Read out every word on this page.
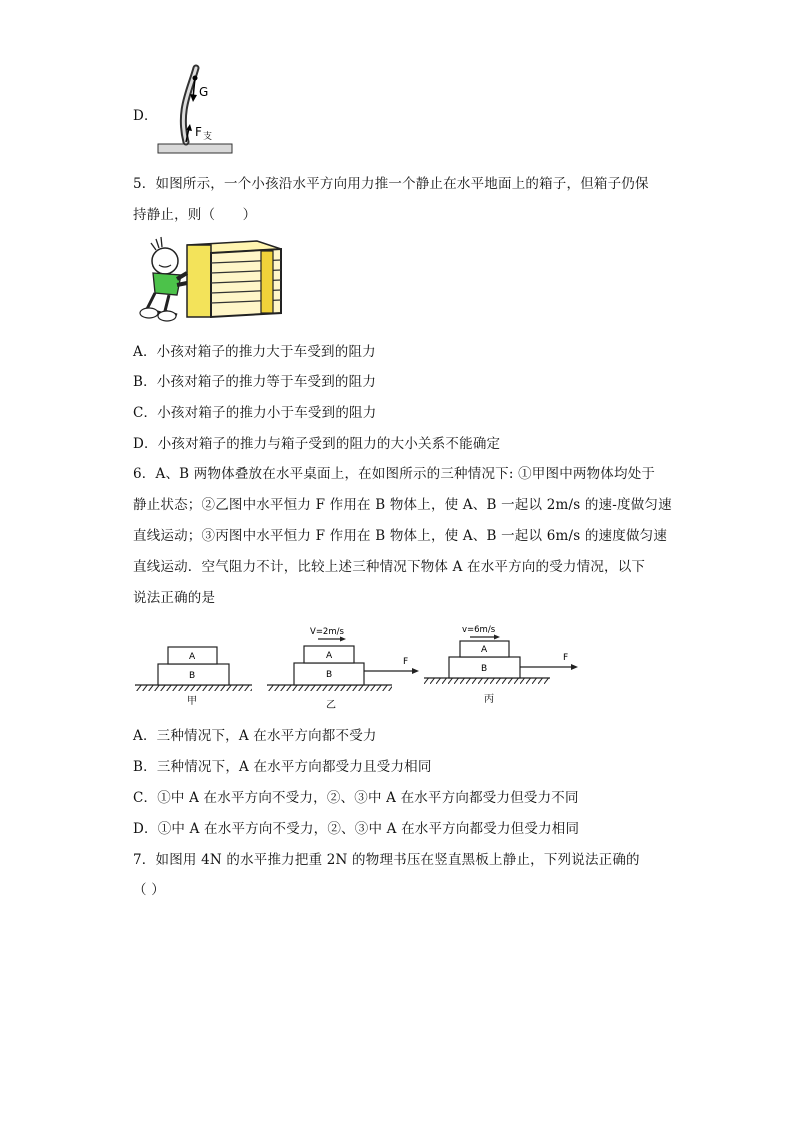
D．
G
F 支
5．如图所示，一个小孩沿水平方向用力推一个静止在水平地面上的箱子，但箱子仍保
持静止，则（　　）
A．小孩对箱子的推力大于车受到的阻力
B．小孩对箱子的推力等于车受到的阻力
C．小孩对箱子的推力小于车受到的阻力
D．小孩对箱子的推力与箱子受到的阻力的大小关系不能确定
6．A、B 两物体叠放在水平桌面上，在如图所示的三种情况下: ①甲图中两物体均处于
静止状态；②乙图中水平恒力 F 作用在 B 物体上，使 A、B 一起以 2m/s 的速-度做匀速
直线运动；③丙图中水平恒力 F 作用在 B 物体上，使 A、B 一起以 6m/s 的速度做匀速
直线运动．空气阻力不计，比较上述三种情况下物体 A 在水平方向的受力情况，以下
说法正确的是
A
B
甲
A
B
V=2m/s
F
乙
A
B
v=6m/s
F
丙
A．三种情况下，A 在水平方向都不受力
B．三种情况下，A 在水平方向都受力且受力相同
C．①中 A 在水平方向不受力，②、③中 A 在水平方向都受力但受力不同
D．①中 A 在水平方向不受力，②、③中 A 在水平方向都受力但受力相同
7．如图用 4N 的水平推力把重 2N 的物理书压在竖直黑板上静止，下列说法正确的
（ ）
